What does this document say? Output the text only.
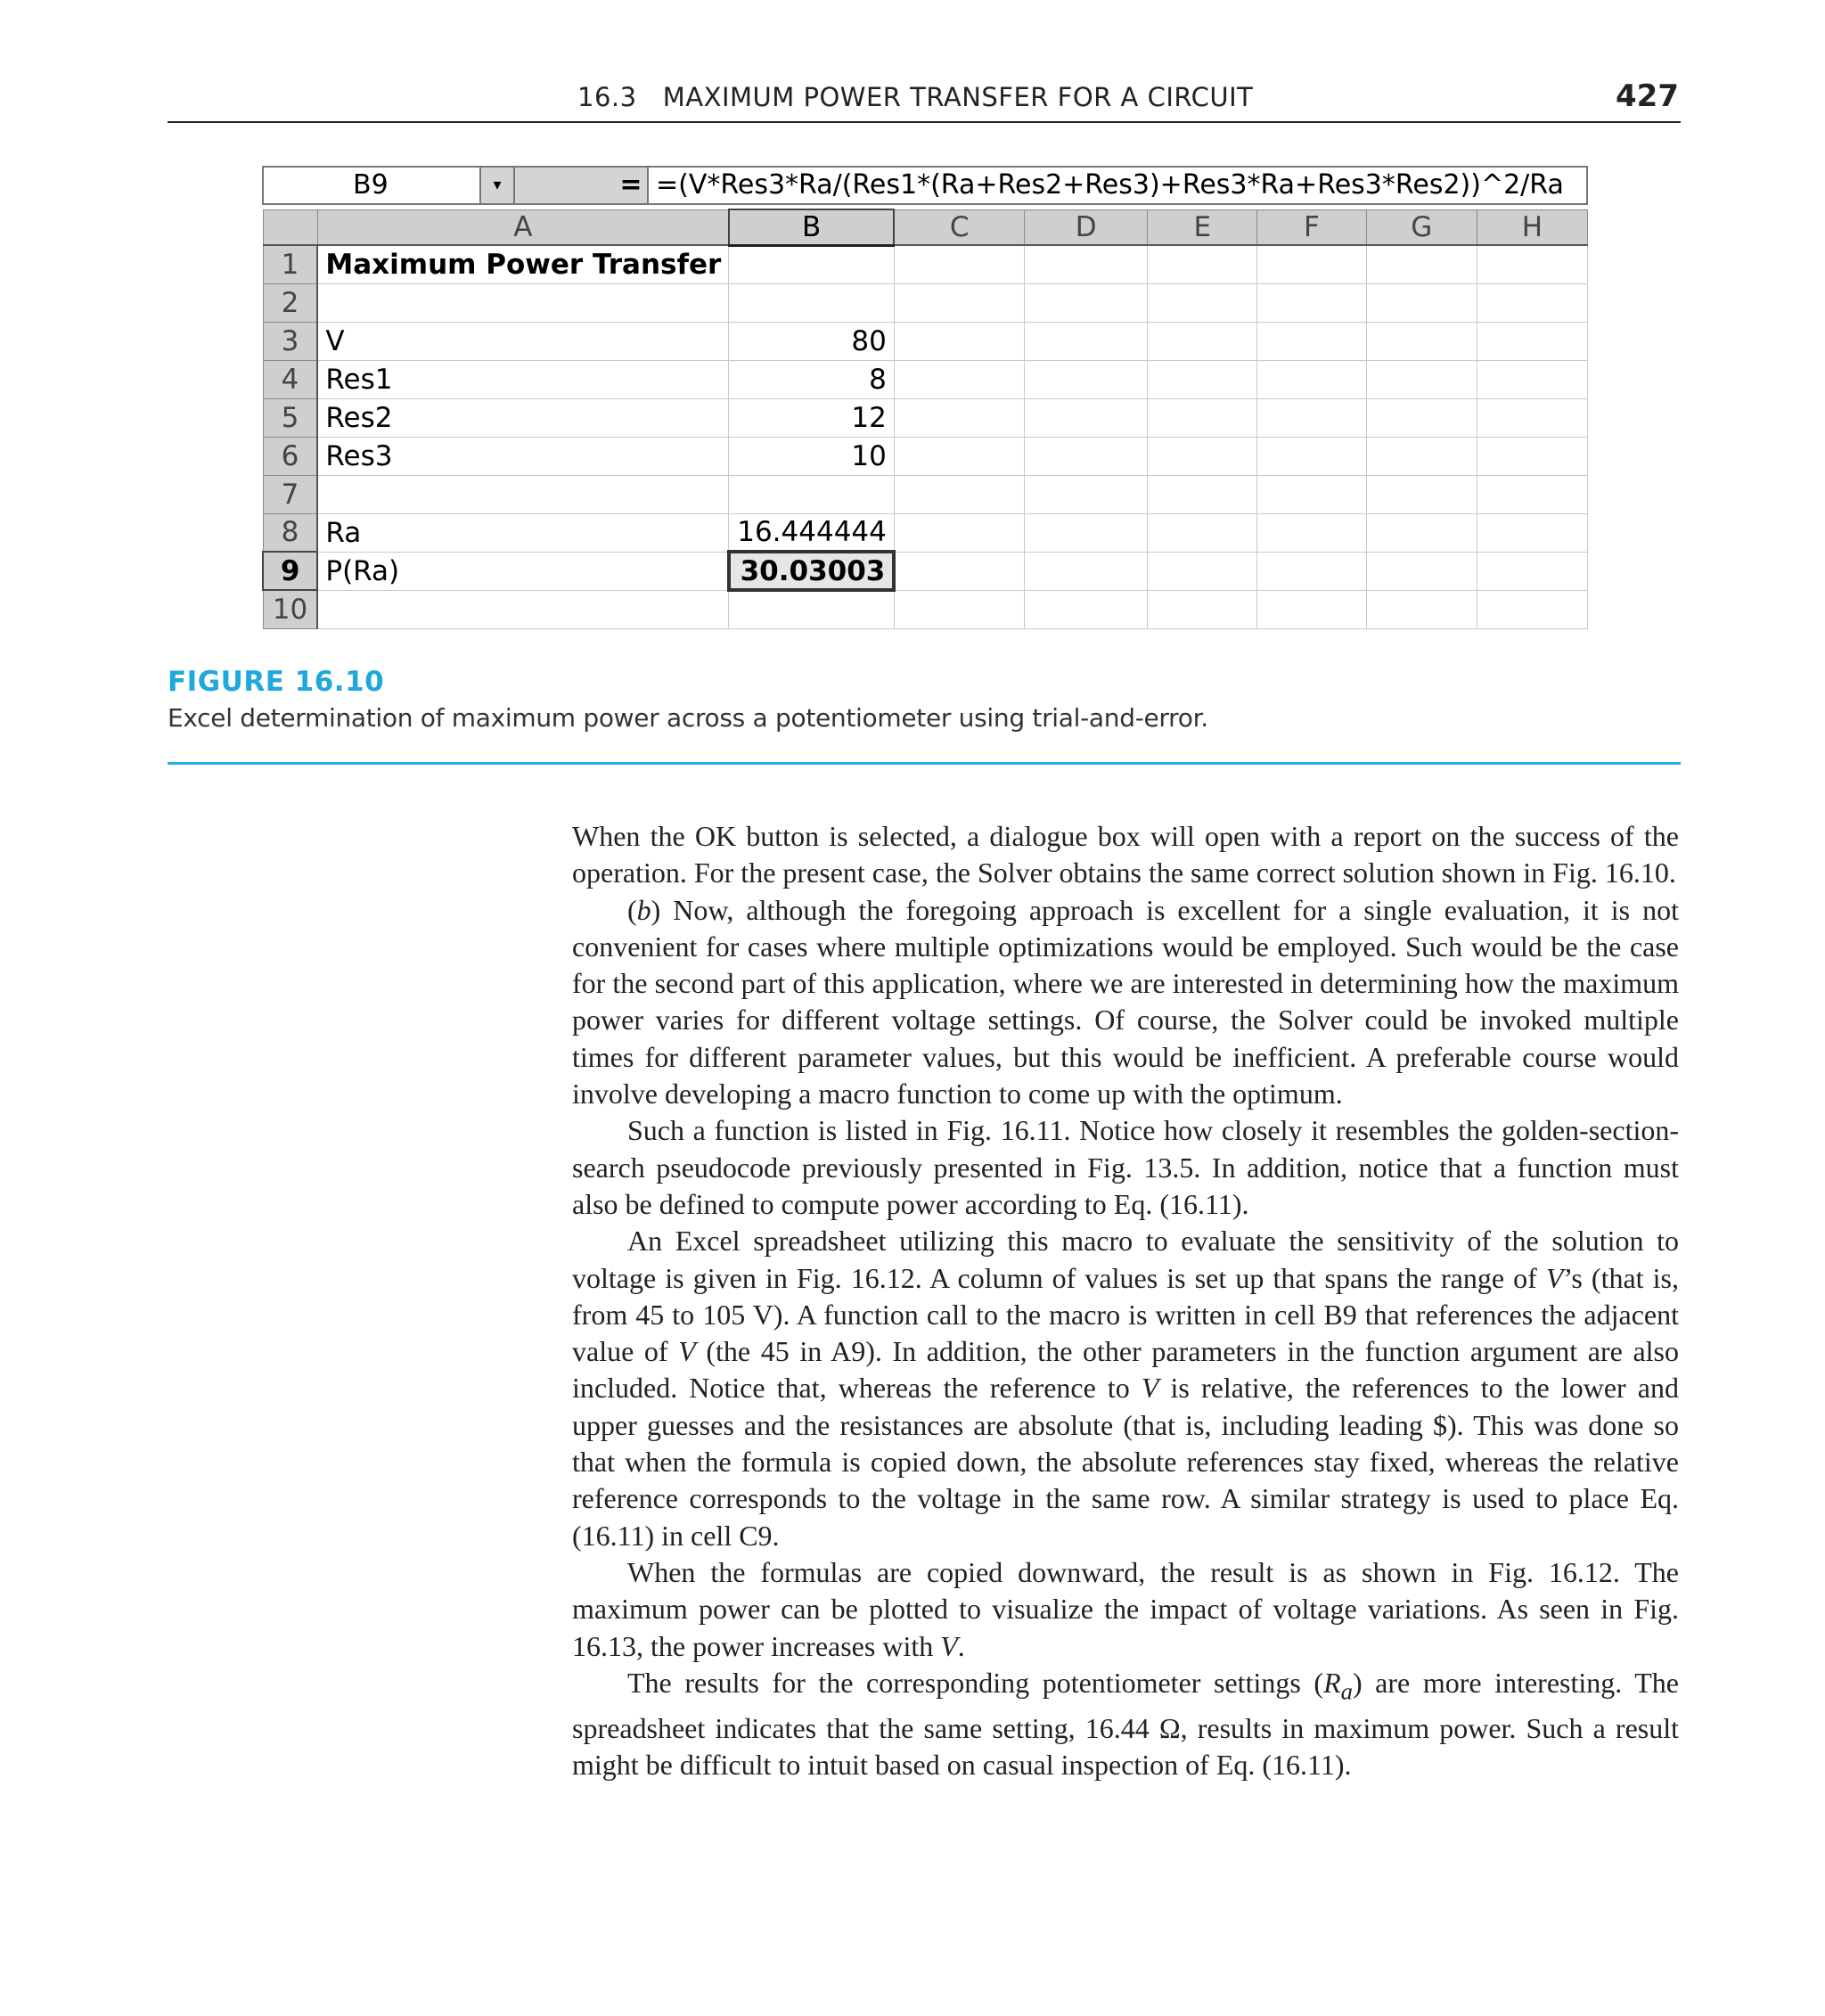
16.3   MAXIMUM POWER TRANSFER FOR A CIRCUIT	427
B9	▾	= =(V*Res3*Ra/(Res1*(Ra+Res2+Res3)+Res3*Ra+Res3*Res2))^2/Ra
	A	B	C	D	E	F	G	H
1	Maximum Power Transfer							
2								
3	V	80						
4	Res1	8						
5	Res2	12						
6	Res3	10						
7								
8	Ra	16.444444						
9	P(Ra)	30.03003						
10								
FIGURE 16.10
Excel determination of maximum power across a potentiometer using trial-and-error.

When the OK button is selected, a dialogue box will open with a report on the success of the operation. For the present case, the Solver obtains the same correct solution shown in Fig. 16.10.

(b) Now, although the foregoing approach is excellent for a single evaluation, it is not convenient for cases where multiple optimizations would be employed. Such would be the case for the second part of this application, where we are interested in determining how the maximum power varies for different voltage settings. Of course, the Solver could be invoked multiple times for different parameter values, but this would be inefficient. A preferable course would involve developing a macro function to come up with the optimum.

Such a function is listed in Fig. 16.11. Notice how closely it resembles the golden-section-search pseudocode previously presented in Fig. 13.5. In addition, notice that a function must also be defined to compute power according to Eq. (16.11).

An Excel spreadsheet utilizing this macro to evaluate the sensitivity of the solution to voltage is given in Fig. 16.12. A column of values is set up that spans the range of V’s (that is, from 45 to 105 V). A function call to the macro is written in cell B9 that references the adjacent value of V (the 45 in A9). In addition, the other parameters in the function argument are also included. Notice that, whereas the reference to V is relative, the references to the lower and upper guesses and the resistances are absolute (that is, including leading $). This was done so that when the formula is copied down, the absolute references stay fixed, whereas the relative reference corresponds to the voltage in the same row. A similar strategy is used to place Eq. (16.11) in cell C9.

When the formulas are copied downward, the result is as shown in Fig. 16.12. The maximum power can be plotted to visualize the impact of voltage variations. As seen in Fig. 16.13, the power increases with V.

The results for the corresponding potentiometer settings $(R_a)$ are more interesting. The spreadsheet indicates that the same setting, 16.44 Ω, results in maximum power. Such a result might be difficult to intuit based on casual inspection of Eq. (16.11).
